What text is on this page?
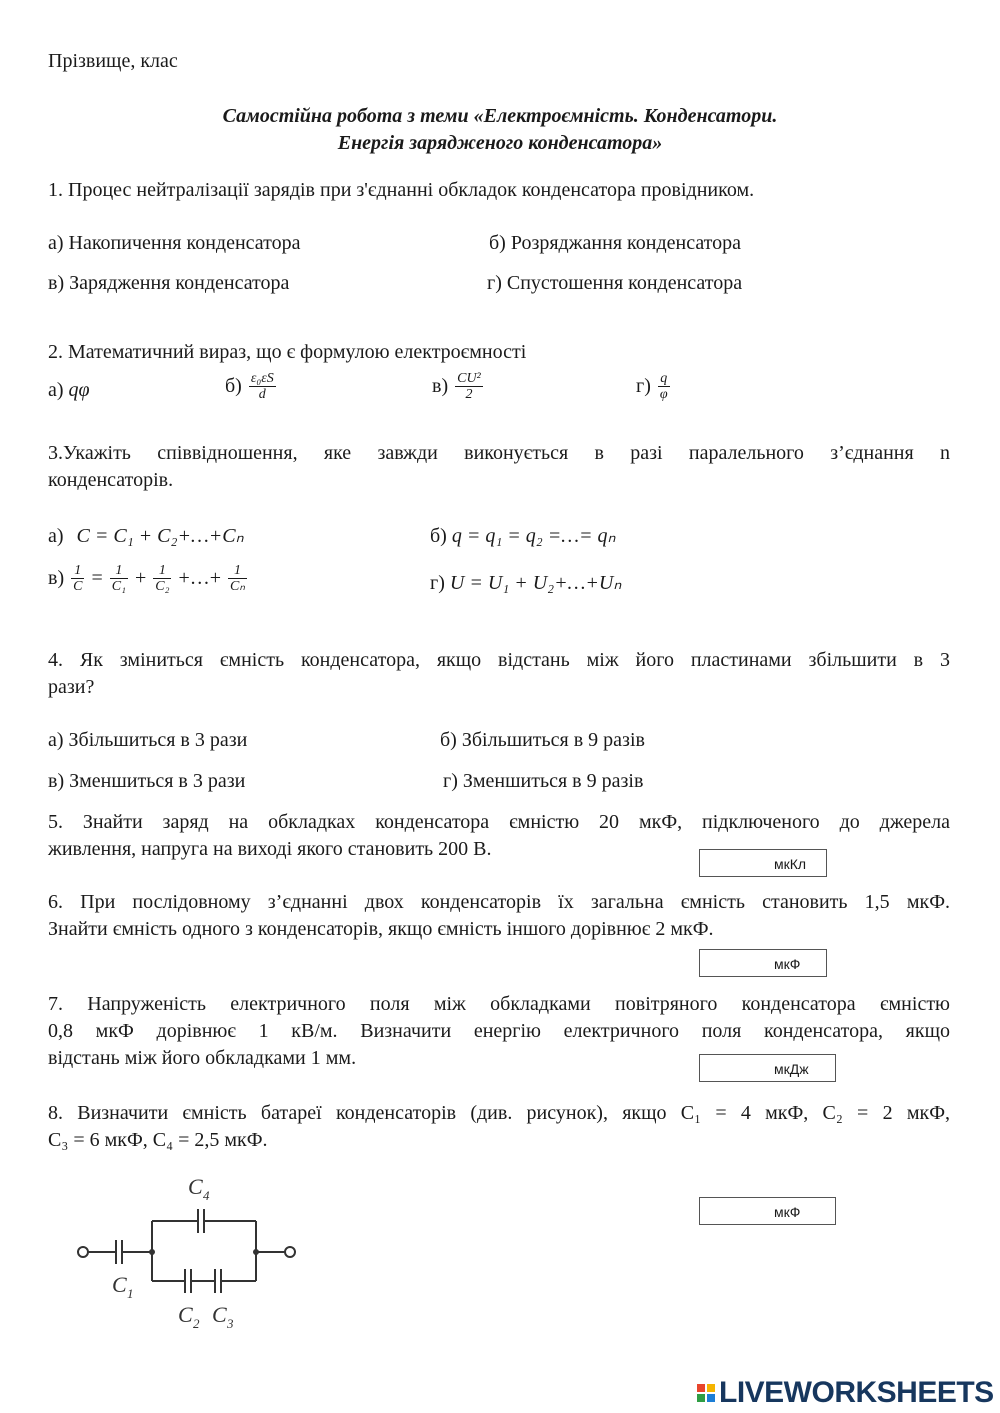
Прізвище, клас
Самостійна робота з теми «Електроємність. Конденсатори.
Енергія зарядженого конденсатора»
1. Процес нейтралізації зарядів при з'єднанні обкладок конденсатора провідником.
а) Накопичення конденсатора	б) Розряджання конденсатора
в) Зарядження конденсатора	г) Спустошення конденсатора
2. Математичний вираз, що є формулою електроємності
а) qφ	$б) \frac{\text{ε₀εS}}{d}$	$в) \frac{\text{CU²}}{2}$	$г) \frac{q}{\varphi}$
3.Укажіть співвідношення, яке завжди виконується в разі паралельного з’єднання n
конденсаторів.
а) C = C₁ + C₂+…+Cₙ	б) q = q₁ = q₂ =…= qₙ
$в) \frac{1}{C} = \frac{1}{\text{C₁}} + \frac{1}{\text{C₂}}$ +…+ $\frac{1}{\text{Cₙ}}$	г) U = U₁ + U₂+…+Uₙ
4. Як зміниться ємність конденсатора, якщо відстань між його пластинами збільшити в 3
рази?
а) Збільшиться в 3 рази	б) Збільшиться в 9 разів
в) Зменшиться в 3 рази	г) Зменшиться в 9 разів
5. Знайти заряд на обкладках конденсатора ємністю 20 мкФ, підключеного до джерела
живлення, напруга на виході якого становить 200 В.
мкКл
6. При послідовному з’єднанні двох конденсаторів їх загальна ємність становить 1,5 мкФ.
Знайти ємність одного з конденсаторів, якщо ємність іншого дорівнює 2 мкФ.
мкФ
7. Напруженість електричного поля між обкладками повітряного конденсатора ємністю
0,8 мкФ дорівнює 1 кВ/м. Визначити енергію електричного поля конденсатора, якщо
відстань між його обкладками 1 мм.	мкДж
8. Визначити ємність батареї конденсаторів (див. рисунок), якщо C₁ = 4 мкФ, C₂ = 2 мкФ,
C₃ = 6 мкФ, C₄ = 2,5 мкФ.
мкФ
C 4
C 1
C 2 C 3
LIVEWORKSHEETS
